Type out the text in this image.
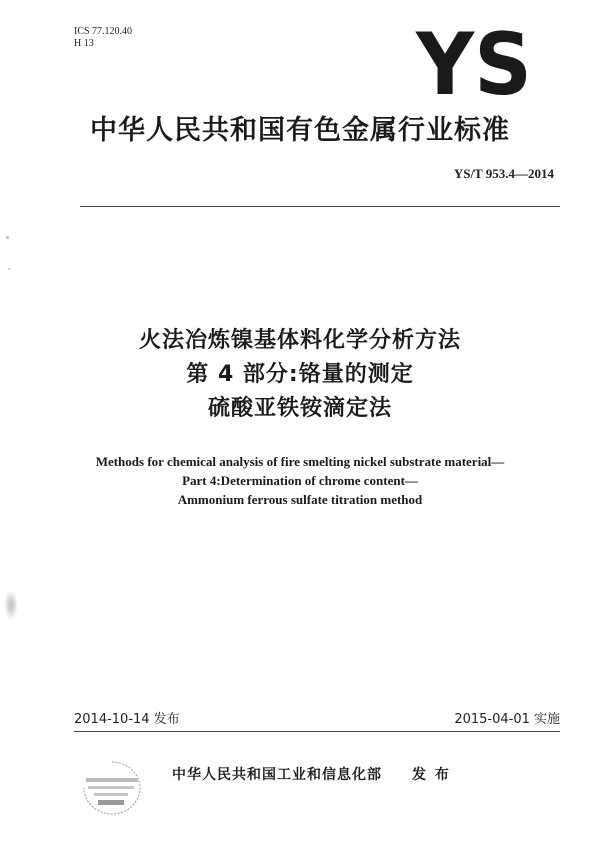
ICS 77.120.40
H 13	YS
中华人民共和国有色金属行业标准
YS/T 953.4—2014
火法冶炼镍基体料化学分析方法
第 4 部分:铬量的测定
硫酸亚铁铵滴定法
Methods for chemical analysis of fire smelting nickel substrate material—
Part 4:Determination of chrome content—
Ammonium ferrous sulfate titration method
2014-10-14 发布	2015-04-01 实施
中华人民共和国工业和信息化部 发 布
